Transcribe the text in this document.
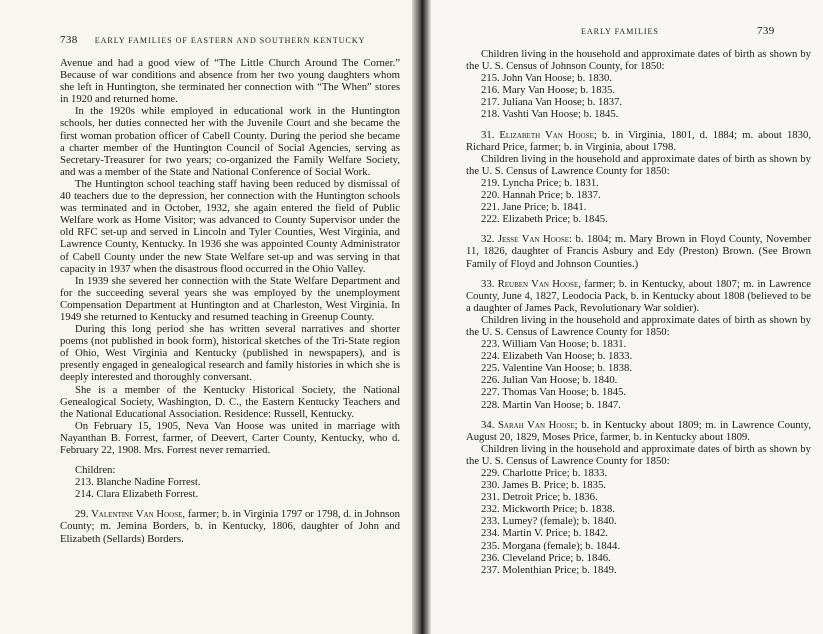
738 EARLY FAMILIES OF EASTERN AND SOUTHERN KENTUCKY

Avenue and had a good view of “The Little Church Around The Corner.” Because of war conditions and absence from her two young daughters whom she left in Huntington, she terminated her connection with “The When” stores in 1920 and returned home.

In the 1920s while employed in educational work in the Huntington schools, her duties connected her with the Juvenile Court and she became the first woman probation officer of Cabell County. During the period she became a charter member of the Huntington Council of Social Agencies, serving as Secretary-Treasurer for two years; co-organized the Family Welfare Society, and was a member of the State and National Conference of Social Work.

The Huntington school teaching staff having been reduced by dismissal of 40 teachers due to the depression, her connection with the Huntington schools was terminated and in October, 1932, she again entered the field of Public Welfare work as Home Visitor; was advanced to County Supervisor under the old RFC set-up and served in Lincoln and Tyler Counties, West Virginia, and Lawrence County, Kentucky. In 1936 she was appointed County Administrator of Cabell County under the new State Welfare set-up and was serving in that capacity in 1937 when the disastrous flood occurred in the Ohio Valley.

In 1939 she severed her connection with the State Welfare Department and for the succeeding several years she was employed by the unemployment Compensation Department at Huntington and at Charleston, West Virginia. In 1949 she returned to Kentucky and resumed teaching in Greenup County.

During this long period she has written several narratives and shorter poems (not published in book form), historical sketches of the Tri-State region of Ohio, West Virginia and Kentucky (published in newspapers), and is presently engaged in genealogical research and family histories in which she is deeply interested and thoroughly conversant.

She is a member of the Kentucky Historical Society, the National Genealogical Society, Washington, D. C., the Eastern Kentucky Teachers and the National Educational Association. Residence: Russell, Kentucky.

On February 15, 1905, Neva Van Hoose was united in marriage with Nayanthan B. Forrest, farmer, of Deevert, Carter County, Kentucky, who d. February 22, 1908. Mrs. Forrest never remarried.

Children:

213. Blanche Nadine Forrest.
214. Clara Elizabeth Forrest.

29. Valentine Van Hoose, farmer; b. in Virginia 1797 or 1798, d. in Johnson County; m. Jemina Borders, b. in Kentucky, 1806, daughter of John and Elizabeth (Sellards) Borders.

EARLY FAMILIES	739

Children living in the household and approximate dates of birth as shown by the U. S. Census of Johnson County, for 1850:

215. John Van Hoose; b. 1830.
216. Mary Van Hoose; b. 1835.
217. Juliana Van Hoose; b. 1837.
218. Vashti Van Hoose; b. 1845.

31. Elizabeth Van Hoose; b. in Virginia, 1801, d. 1884; m. about 1830, Richard Price, farmer; b. in Virginia, about 1798.

Children living in the household and approximate dates of birth as shown by the U. S. Census of Lawrence County for 1850:

219. Lyncha Price; b. 1831.
220. Hannah Price; b. 1837.
221. Jane Price; b. 1841.
222. Elizabeth Price; b. 1845.

32. Jesse Van Hoose: b. 1804; m. Mary Brown in Floyd County, November 11, 1826, daughter of Francis Asbury and Edy (Preston) Brown. (See Brown Family of Floyd and Johnson Counties.)

33. Reuben Van Hoose, farmer; b. in Kentucky, about 1807; m. in Lawrence County, June 4, 1827, Leodocia Pack, b. in Kentucky about 1808 (believed to be a daughter of James Pack, Revolutionary War soldier).

Children living in the household and approximate dates of birth as shown by the U. S. Census of Lawrence County for 1850:

223. William Van Hoose; b. 1831.
224. Elizabeth Van Hoose; b. 1833.
225. Valentine Van Hoose; b. 1838.
226. Julian Van Hoose; b. 1840.
227. Thomas Van Hoose; b. 1845.
228. Martin Van Hoose; b. 1847.

34. Sarah Van Hoose; b. in Kentucky about 1809; m. in Lawrence County, August 20, 1829, Moses Price, farmer, b. in Kentucky about 1809.

Children living in the household and approximate dates of birth as shown by the U. S. Census of Lawrence County for 1850:

229. Charlotte Price; b. 1833.
230. James B. Price; b. 1835.
231. Detroit Price; b. 1836.
232. Mickworth Price; b. 1838.
233. Lumey? (female); b. 1840.
234. Martin V. Price; b. 1842.
235. Morgana (female); b. 1844.
236. Cleveland Price; b. 1846.
237. Molenthian Price; b. 1849.
